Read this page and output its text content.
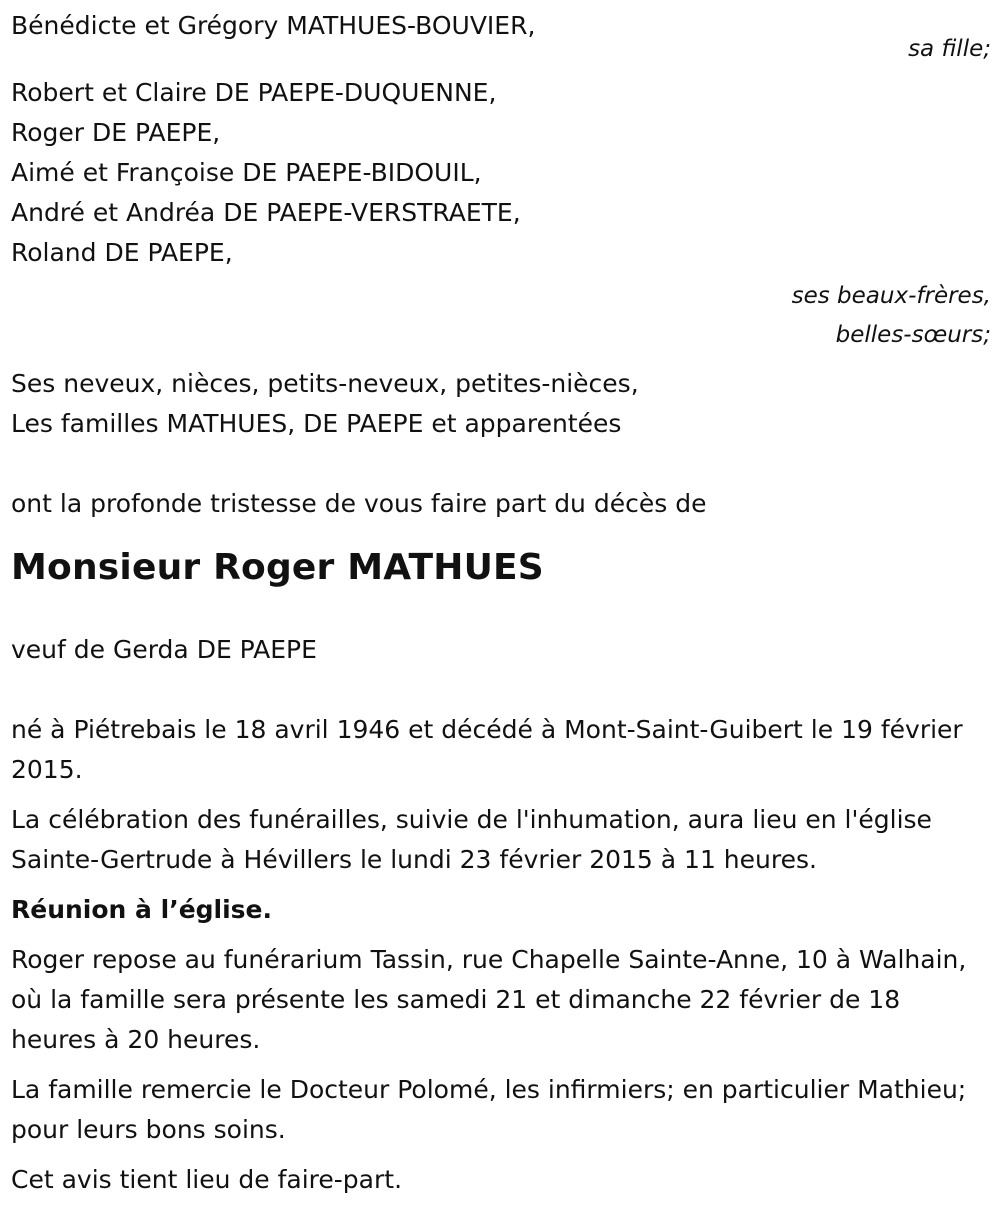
Bénédicte et Grégory MATHUES-BOUVIER,
sa fille;
Robert et Claire DE PAEPE-DUQUENNE,
Roger DE PAEPE,
Aimé et Françoise DE PAEPE-BIDOUIL,
André et Andréa DE PAEPE-VERSTRAETE,
Roland DE PAEPE,
ses beaux-frères,
belles-sœurs;
Ses neveux, nièces, petits-neveux, petites-nièces,
Les familles MATHUES, DE PAEPE et apparentées
ont la profonde tristesse de vous faire part du décès de
Monsieur Roger MATHUES
veuf de Gerda DE PAEPE
né à Piétrebais le 18 avril 1946 et décédé à Mont-Saint-Guibert le 19 février 2015.
La célébration des funérailles, suivie de l'inhumation, aura lieu en l'église Sainte-Gertrude à Hévillers le lundi 23 février 2015 à 11 heures.
Réunion à l’église.
Roger repose au funérarium Tassin, rue Chapelle Sainte-Anne, 10 à Walhain, où la famille sera présente les samedi 21 et dimanche 22 février de 18 heures à 20 heures.
La famille remercie le Docteur Polomé, les infirmiers; en particulier Mathieu; pour leurs bons soins.
Cet avis tient lieu de faire-part.
